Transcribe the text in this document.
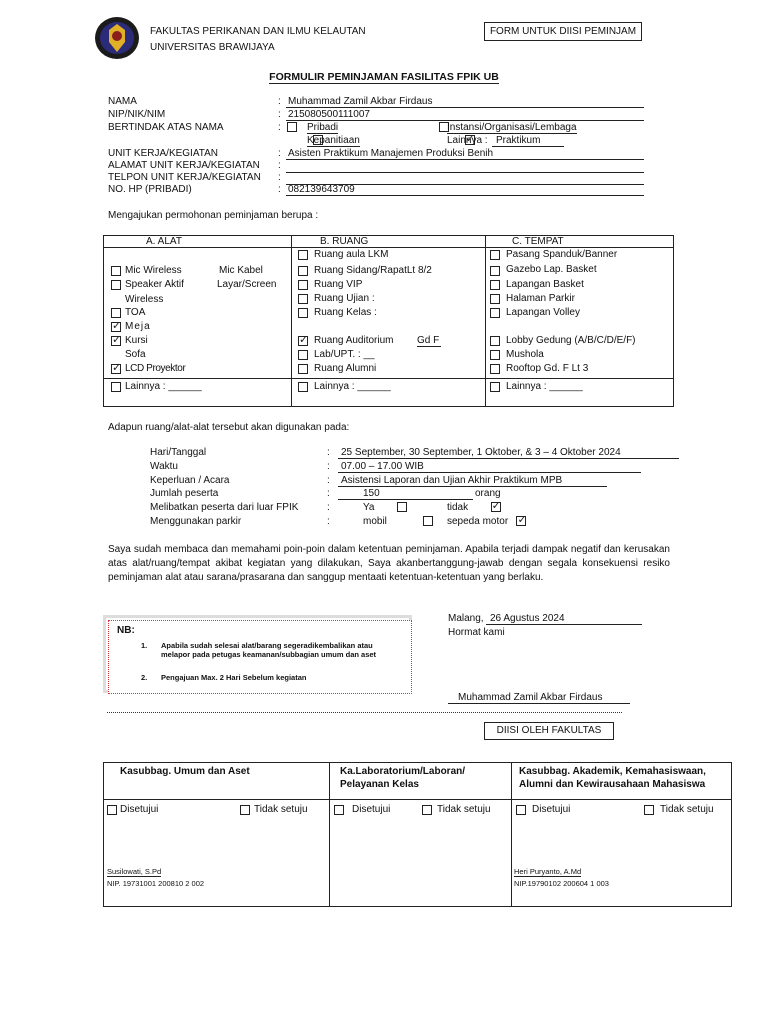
FAKULTAS PERIKANAN DAN ILMU KELAUTAN
UNIVERSITAS BRAWIJAYA
FORM UNTUK DIISI PEMINJAM
FORMULIR PEMINJAMAN FASILITAS FPIK UB
NAMA	: Muhammad Zamil Akbar Firdaus
NIP/NIK/NIM	: 215080500111007
BERTINDAK ATAS NAMA	:
	Pribadi
	Instansi/Organisasi/Lembaga

Kepanitiaan
✓	Lainnya : Praktikum
UNIT KERJA/KEGIATAN	: Asisten Praktikum Manajemen Produksi Benih
ALAMAT UNIT KERJA/KEGIATAN :
TELPON UNIT KERJA/KEGIATAN :
NO. HP (PRIBADI)	: 082139643709
Mengajukan permohonan peminjaman berupa :
A. ALAT	B. RUANG	C. TEMPAT
Mic Wireless	Mic Kabel
Speaker Aktif	Layar/Screen
Wireless
TOA
✓
Meja
✓
Kursi
Sofa
✓
LCD Proyektor
Lainnya : ______
Ruang aula LKM
Ruang Sidang/RapatLt 8/2
Ruang VIP
Ruang Ujian :
Ruang Kelas :
✓
Ruang Auditorium Gd F
Lab/UPT. : __
Ruang Alumni
Lainnya : ______
Pasang Spanduk/Banner
Gazebo Lap. Basket
Lapangan Basket
Halaman Parkir
Lapangan Volley
Lobby Gedung (A/B/C/D/E/F)
Mushola
Rooftop Gd. F Lt 3
Lainnya : ______
Adapun ruang/alat-alat tersebut akan digunakan pada:
Hari/Tanggal	:	25 September, 30 September, 1 Oktober, & 3 – 4 Oktober 2024
Waktu	:	07.00 – 17.00 WIB
Keperluan / Acara	:	Asistensi Laporan dan Ujian Akhir Praktikum MPB
Jumlah peserta	:	150	orang
Melibatkan peserta dari luar FPIK	:
	Ya
✓	tidak
Menggunakan parkir	:
	mobil
✓	sepeda motor
Saya sudah membaca dan memahami poin-poin dalam ketentuan peminjaman. Apabila terjadi dampak negatif dan kerusakan atas alat/ruang/tempat akibat kegiatan yang dilakukan, Saya akanbertanggung-jawab dengan segala konsekuensi resiko peminjaman alat atau sarana/prasarana dan sanggup mentaati ketentuan-ketentuan yang berlaku.
NB:
1. Apabila sudah selesai alat/barang segeradikembalikan atau melapor pada petugas keamanan/subbagian umum dan aset
2. Pengajuan Max. 2 Hari Sebelum kegiatan
Malang, 26 Agustus 2024
Hormat kami
Muhammad Zamil Akbar Firdaus
DIISI OLEH FAKULTAS
Kasubbag. Umum dan Aset	Ka.Laboratorium/Laboran/
Pelayanan Kelas
Kasubbag. Akademik, Kemahasiswaan,
Alumni dan Kewirausahaan Mahasiswa
Disetujui	Tidak setuju	Disetujui	Tidak setuju	Disetujui	Tidak setuju
Susilowati, S.Pd
NIP. 19731001 200810 2 002
Heri Puryanto, A.Md
NIP.19790102 200604 1 003
